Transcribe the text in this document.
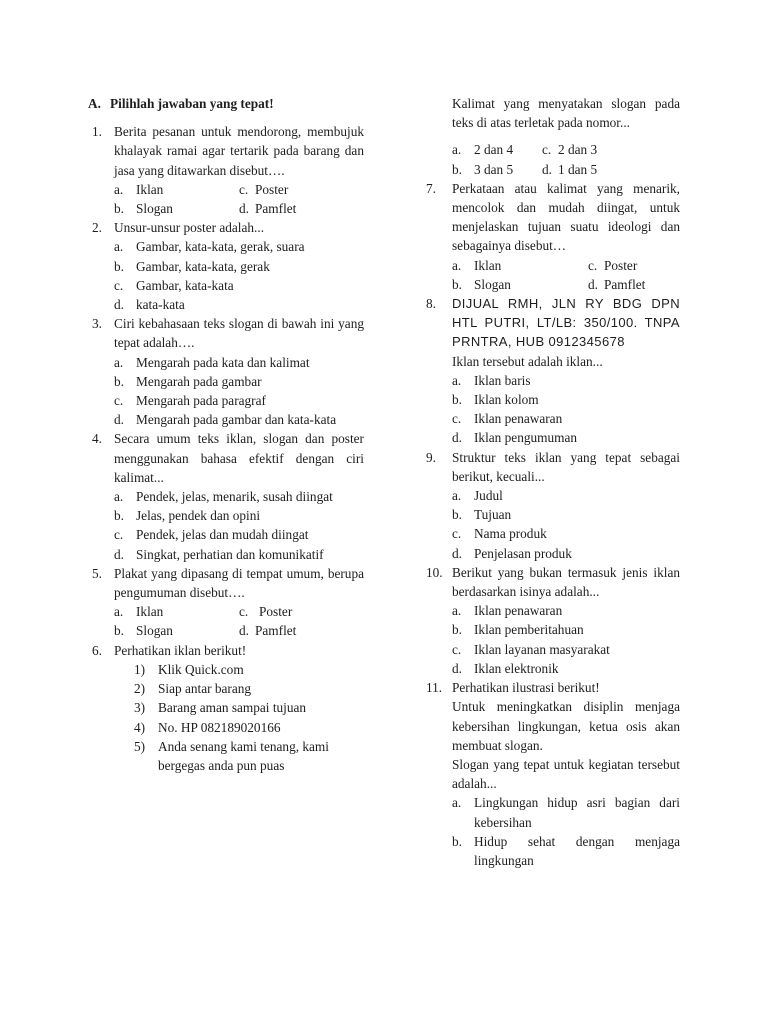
A. Pilihlah jawaban yang tepat!
1. Berita pesanan untuk mendorong, membujuk khalayak ramai agar tertarik pada barang dan jasa yang ditawarkan disebut….
a. Iklan	c. Poster
b. Slogan	d. Pamflet
2. Unsur-unsur poster adalah...
a. Gambar, kata-kata, gerak, suara
b. Gambar, kata-kata, gerak
c. Gambar, kata-kata
d. kata-kata
3. Ciri kebahasaan teks slogan di bawah ini yang tepat adalah….
a. Mengarah pada kata dan kalimat
b. Mengarah pada gambar
c. Mengarah pada paragraf
d. Mengarah pada gambar dan kata-kata
4. Secara umum teks iklan, slogan dan poster menggunakan bahasa efektif dengan ciri kalimat...
a. Pendek, jelas, menarik, susah diingat
b. Jelas, pendek dan opini
c. Pendek, jelas dan mudah diingat
d. Singkat, perhatian dan komunikatif
5. Plakat yang dipasang di tempat umum, berupa pengumuman disebut….
a. Iklan	c. Poster
b. Slogan	d. Pamflet
6. Perhatikan iklan berikut!
1) Klik Quick.com
2) Siap antar barang
3) Barang aman sampai tujuan
4) No. HP 082189020166
5) Anda senang kami tenang, kami bergegas anda pun puas
Kalimat yang menyatakan slogan pada teks di atas terletak pada nomor...
a. 2 dan 4	c. 2 dan 3
b. 3 dan 5	d. 1 dan 5
7.	Perkataan atau kalimat yang menarik, mencolok dan mudah diingat, untuk menjelaskan tujuan suatu ideologi dan sebagainya disebut…
a. Iklan	c. Poster
b. Slogan	d. Pamflet
8.	DIJUAL RMH, JLN RY BDG DPN HTL PUTRI, LT/LB: 350/100. TNPA PRNTRA, HUB 0912345678
Iklan tersebut adalah iklan...
a. Iklan baris
b. Iklan kolom
c. Iklan penawaran
d. Iklan pengumuman
9.	Struktur teks iklan yang tepat sebagai berikut, kecuali...
a. Judul
b. Tujuan
c. Nama produk
d. Penjelasan produk
10. Berikut yang bukan termasuk jenis iklan berdasarkan isinya adalah...
a. Iklan penawaran
b. Iklan pemberitahuan
c. Iklan layanan masyarakat
d. Iklan elektronik
11. Perhatikan ilustrasi berikut!
Untuk meningkatkan disiplin menjaga kebersihan lingkungan, ketua osis akan membuat slogan.
Slogan yang tepat untuk kegiatan tersebut adalah...
a. Lingkungan hidup asri bagian dari kebersihan
b. Hidup sehat dengan menjaga lingkungan
